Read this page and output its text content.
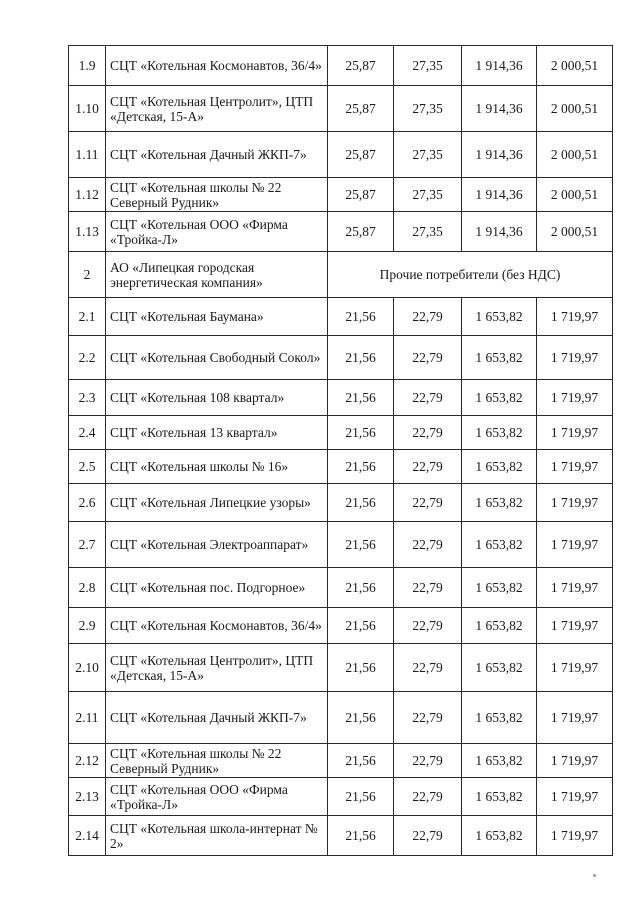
1.9	СЦТ «Котельная Космонавтов, 36/4»	25,87	27,35	1 914,36	2 000,51
1.10	СЦТ «Котельная Центролит», ЦТП «Детская, 15-А»	25,87	27,35	1 914,36	2 000,51
1.11	СЦТ «Котельная Дачный ЖКП-7»	25,87	27,35	1 914,36	2 000,51
1.12	СЦТ «Котельная школы № 22 Северный Рудник»	25,87	27,35	1 914,36	2 000,51
1.13	СЦТ «Котельная ООО «Фирма «Тройка-Л»	25,87	27,35	1 914,36	2 000,51
2	АО «Липецкая городская энергетическая компания»	Прочие потребители (без НДС)			
2.1	СЦТ «Котельная Баумана»	21,56	22,79	1 653,82	1 719,97
2.2	СЦТ «Котельная Свободный Сокол»	21,56	22,79	1 653,82	1 719,97
2.3	СЦТ «Котельная 108 квартал»	21,56	22,79	1 653,82	1 719,97
2.4	СЦТ «Котельная 13 квартал»	21,56	22,79	1 653,82	1 719,97
2.5	СЦТ «Котельная школы № 16»	21,56	22,79	1 653,82	1 719,97
2.6	СЦТ «Котельная Липецкие узоры»	21,56	22,79	1 653,82	1 719,97
2.7	СЦТ «Котельная Электроаппарат»	21,56	22,79	1 653,82	1 719,97
2.8	СЦТ «Котельная пос. Подгорное»	21,56	22,79	1 653,82	1 719,97
2.9	СЦТ «Котельная Космонавтов, 36/4»	21,56	22,79	1 653,82	1 719,97
2.10	СЦТ «Котельная Центролит», ЦТП «Детская, 15-А»	21,56	22,79	1 653,82	1 719,97
2.11	СЦТ «Котельная Дачный ЖКП-7»	21,56	22,79	1 653,82	1 719,97
2.12	СЦТ «Котельная школы № 22 Северный Рудник»	21,56	22,79	1 653,82	1 719,97
2.13	СЦТ «Котельная ООО «Фирма «Тройка-Л»	21,56	22,79	1 653,82	1 719,97
2.14	СЦТ «Котельная школа-интернат № 2»	21,56	22,79	1 653,82	1 719,97
